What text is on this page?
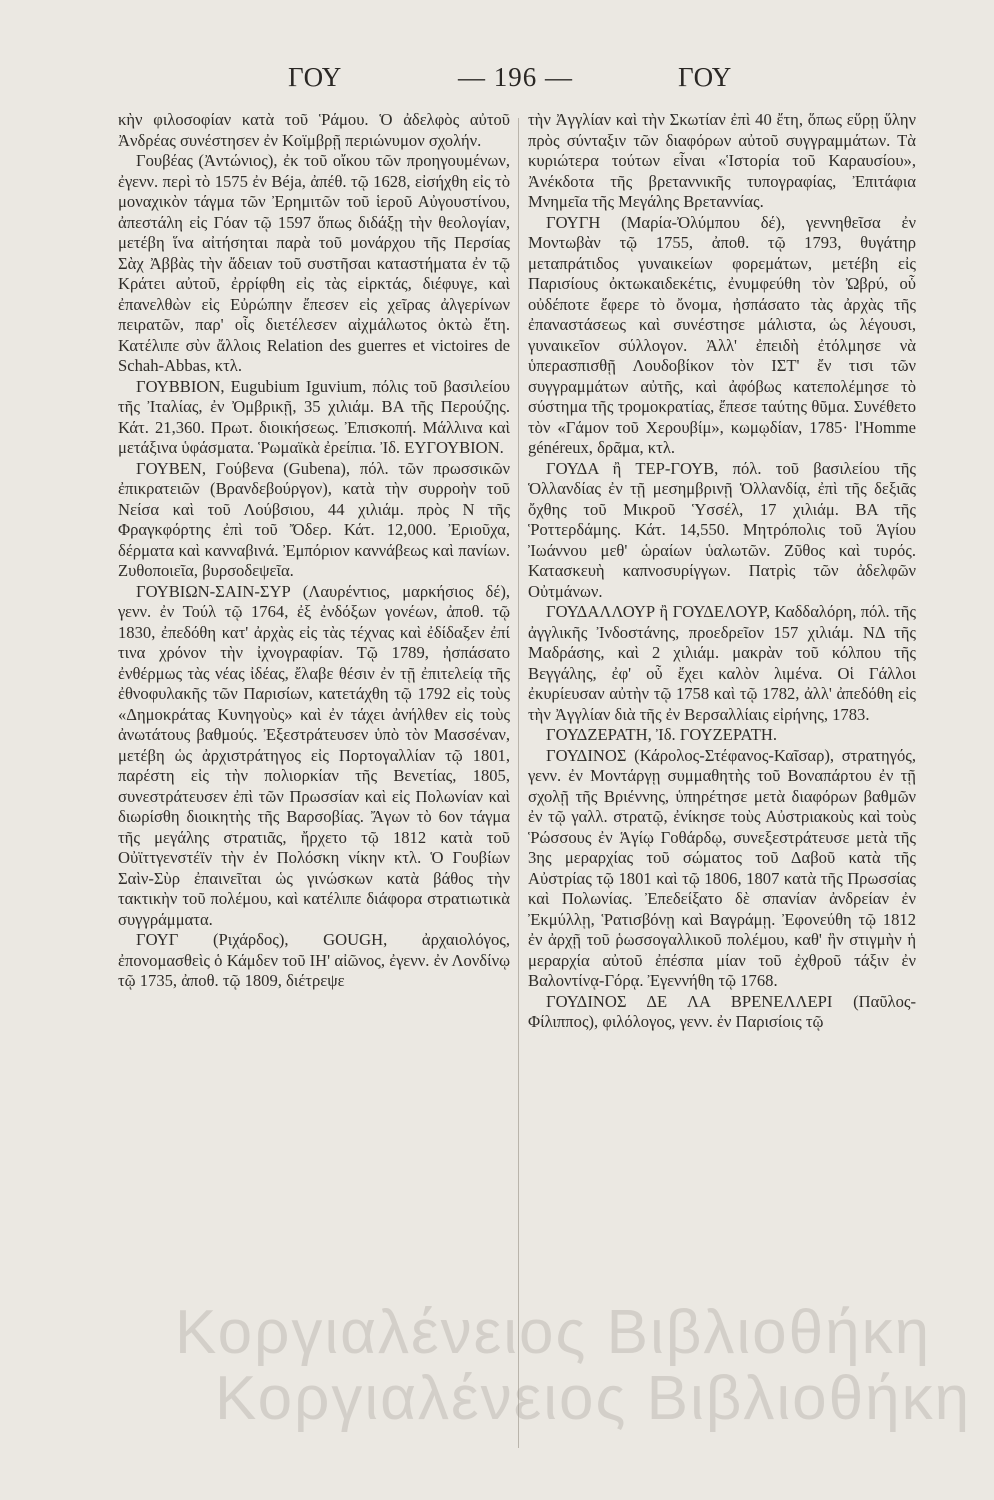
ΓΟΥ	— 196 —	ΓΟΥ

κὴν φιλοσοφίαν κατὰ τοῦ Ῥάμου. Ὁ ἀδελφὸς αὐτοῦ Ἀνδρέας συνέστησεν ἐν Κοϊμβρῇ περιώνυμον σχολήν.

Γουβέας (Ἀντώνιος), ἐκ τοῦ οἴκου τῶν προηγουμένων, ἐγενν. περὶ τὸ 1575 ἐν Béja, ἀπέθ. τῷ 1628, εἰσήχθη εἰς τὸ μοναχικὸν τάγμα τῶν Ἐρημιτῶν τοῦ ἱεροῦ Αὐγουστίνου, ἀπεστάλη εἰς Γόαν τῷ 1597 ὅπως διδάξῃ τὴν θεολογίαν, μετέβη ἵνα αἰτήσηται παρὰ τοῦ μονάρχου τῆς Περσίας Σὰχ Ἀββὰς τὴν ἄδειαν τοῦ συστῆσαι καταστήματα ἐν τῷ Κράτει αὐτοῦ, ἐρρίφθη εἰς τὰς εἱρκτάς, διέφυγε, καὶ ἐπανελθὼν εἰς Εὐρώπην ἔπεσεν εἰς χεῖρας ἀλγερίνων πειρατῶν, παρ' οἷς διετέλεσεν αἰχμάλωτος ὀκτὼ ἔτη. Κατέλιπε σὺν ἄλλοις Relation des guerres et victoires de Schah-Abbas, κτλ.

ΓΟΥΒΒΙΟΝ, Eugubium Iguvium, πόλις τοῦ βασιλείου τῆς Ἰταλίας, ἐν Ὀμβρικῇ, 35 χιλιάμ. ΒΑ τῆς Περούζης. Κάτ. 21,360. Πρωτ. διοικήσεως. Ἐπισκοπή. Μάλλινα καὶ μετάξινα ὑφάσματα. Ῥωμαϊκὰ ἐρείπια. Ἰδ. ΕΥΓΟΥΒΙΟΝ.

ΓΟΥΒΕΝ, Γούβενα (Gubena), πόλ. τῶν πρωσσικῶν ἐπικρατειῶν (Βρανδεβούργον), κατὰ τὴν συρροὴν τοῦ Νείσα καὶ τοῦ Λούβσιου, 44 χιλιάμ. πρὸς Ν τῆς Φραγκφόρτης ἐπὶ τοῦ Ὄδερ. Κάτ. 12,000. Ἐριοῦχα, δέρματα καὶ κανναβινά. Ἐμπόριον καννάβεως καὶ πανίων. Ζυθοποιεῖα, βυρσοδεψεῖα.

ΓΟΥΒΙΩΝ-ΣΑΙΝ-ΣΥΡ (Λαυρέντιος, μαρκήσιος δέ), γενν. ἐν Τούλ τῷ 1764, ἐξ ἐνδόξων γονέων, ἀποθ. τῷ 1830, ἐπεδόθη κατ' ἀρχὰς εἰς τὰς τέχνας καὶ ἐδίδαξεν ἐπί τινα χρόνον τὴν ἰχνογραφίαν. Τῷ 1789, ἠσπάσατο ἐνθέρμως τὰς νέας ἰδέας, ἔλαβε θέσιν ἐν τῇ ἐπιτελείᾳ τῆς ἐθνοφυλακῆς τῶν Παρισίων, κατετάχθη τῷ 1792 εἰς τοὺς «Δημοκράτας Κυνηγοὺς» καὶ ἐν τάχει ἀνήλθεν εἰς τοὺς ἀνωτάτους βαθμούς. Ἐξεστράτευσεν ὑπὸ τὸν Μασσέναν, μετέβη ὡς ἀρχιστράτηγος εἰς Πορτογαλλίαν τῷ 1801, παρέστη εἰς τὴν πολιορκίαν τῆς Βενετίας, 1805, συνεστράτευσεν ἐπὶ τῶν Πρωσσίαν καὶ εἰς Πολωνίαν καὶ διωρίσθη διοικητὴς τῆς Βαρσοβίας. Ἄγων τὸ 6ον τάγμα τῆς μεγάλης στρατιᾶς, ἤρχετο τῷ 1812 κατὰ τοῦ Οὐϊττγενστέϊν τὴν ἐν Πολόσκη νίκην κτλ. Ὁ Γουβίων Σαὶν-Σὺρ ἐπαινεῖται ὡς γινώσκων κατὰ βάθος τὴν τακτικὴν τοῦ πολέμου, καὶ κατέλιπε διάφορα στρατιωτικὰ συγγράμματα.

ΓΟΥΓ (Ριχάρδος), GOUGH, ἀρχαιολόγος, ἐπονομασθεὶς ὁ Κάμδεν τοῦ ΙΗ' αἰῶνος, ἐγενν. ἐν Λονδίνῳ τῷ 1735, ἀποθ. τῷ 1809, διέτρεψε

τὴν Ἀγγλίαν καὶ τὴν Σκωτίαν ἐπὶ 40 ἔτη, ὅπως εὕρῃ ὕλην πρὸς σύνταξιν τῶν διαφόρων αὐτοῦ συγγραμμάτων. Τὰ κυριώτερα τούτων εἶναι «Ἱστορία τοῦ Καραυσίου», Ἀνέκδοτα τῆς βρεταννικῆς τυπογραφίας, Ἐπιτάφια Μνημεῖα τῆς Μεγάλης Βρεταννίας.

ΓΟΥΓΗ (Μαρία-Ὀλύμπου δέ), γεννηθεῖσα ἐν Μοντωβὰν τῷ 1755, ἀποθ. τῷ 1793, θυγάτηρ μεταπράτιδος γυναικείων φορεμάτων, μετέβη εἰς Παρισίους ὀκτωκαιδεκέτις, ἐνυμφεύθη τὸν Ὠβρύ, οὗ οὐδέποτε ἔφερε τὸ ὄνομα, ἠσπάσατο τὰς ἀρχὰς τῆς ἐπαναστάσεως καὶ συνέστησε μάλιστα, ὡς λέγουσι, γυναικεῖον σύλλογον. Ἀλλ' ἐπειδὴ ἐτόλμησε νὰ ὑπερασπισθῇ Λουδοβίκον τὸν ΙΣΤ' ἔν τισι τῶν συγγραμμάτων αὐτῆς, καὶ ἀφόβως κατεπολέμησε τὸ σύστημα τῆς τρομοκρατίας, ἔπεσε ταύτης θῦμα. Συνέθετο τὸν «Γάμον τοῦ Χερουβίμ», κωμῳδίαν, 1785· l'Homme généreux, δρᾶμα, κτλ.

ΓΟΥΔΑ ἢ ΤΕΡ-ΓΟΥΒ, πόλ. τοῦ βασιλείου τῆς Ὁλλανδίας ἐν τῇ μεσημβρινῇ Ὁλλανδίᾳ, ἐπὶ τῆς δεξιᾶς ὄχθης τοῦ Μικροῦ Ὑσσέλ, 17 χιλιάμ. ΒΑ τῆς Ῥοττερδάμης. Κάτ. 14,550. Μητρόπολις τοῦ Ἁγίου Ἰωάννου μεθ' ὡραίων ὑαλωτῶν. Ζῦθος καὶ τυρός. Κατασκευὴ καπνοσυρίγγων. Πατρὶς τῶν ἀδελφῶν Οὐτμάνων.

ΓΟΥΔΑΛΛΟΥΡ ἢ ΓΟΥΔΕΛΟΥΡ, Καδδαλόρη, πόλ. τῆς ἀγγλικῆς Ἰνδοστάνης, προεδρεῖον 157 χιλιάμ. ΝΔ τῆς Μαδράσης, καὶ 2 χιλιάμ. μακρὰν τοῦ κόλπου τῆς Βεγγάλης, ἐφ' οὗ ἔχει καλὸν λιμένα. Οἱ Γάλλοι ἐκυρίευσαν αὐτὴν τῷ 1758 καὶ τῷ 1782, ἀλλ' ἀπεδόθη εἰς τὴν Ἀγγλίαν διὰ τῆς ἐν Βερσαλλίαις εἰρήνης, 1783.

ΓΟΥΔΖΕΡΑΤΗ, Ἰδ. ΓΟΥΖΕΡΑΤΗ.

ΓΟΥΔΙΝΟΣ (Κάρολος-Στέφανος-Καῖσαρ), στρατηγός, γενν. ἐν Μοντάργῃ συμμαθητὴς τοῦ Βοναπάρτου ἐν τῇ σχολῇ τῆς Βριέννης, ὑπηρέτησε μετὰ διαφόρων βαθμῶν ἐν τῷ γαλλ. στρατῷ, ἐνίκησε τοὺς Αὐστριακοὺς καὶ τοὺς Ῥώσσους ἐν Ἁγίῳ Γοθάρδῳ, συνεξεστράτευσε μετὰ τῆς 3ης μεραρχίας τοῦ σώματος τοῦ Δαβοῦ κατὰ τῆς Αὐστρίας τῷ 1801 καὶ τῷ 1806, 1807 κατὰ τῆς Πρωσσίας καὶ Πολωνίας. Ἐπεδείξατο δὲ σπανίαν ἀνδρείαν ἐν Ἐκμύλλῃ, Ῥατισβόνῃ καὶ Βαγράμῃ. Ἐφονεύθη τῷ 1812 ἐν ἀρχῇ τοῦ ῥωσσογαλλικοῦ πολέμου, καθ' ἣν στιγμὴν ἡ μεραρχία αὐτοῦ ἐπέσπα μίαν τοῦ ἐχθροῦ τάξιν ἐν Βαλοντίνᾳ-Γόρᾳ. Ἐγεννήθη τῷ 1768.

ΓΟΥΔΙΝΟΣ ΔΕ ΛΑ ΒΡΕΝΕΛΛΕΡΙ (Παῦλος-Φίλιππος), φιλόλογος, γενν. ἐν Παρισίοις τῷ

Κοργιαλένειος Βιβλιοθήκη
Κοργιαλένειος Βιβλιοθήκη
